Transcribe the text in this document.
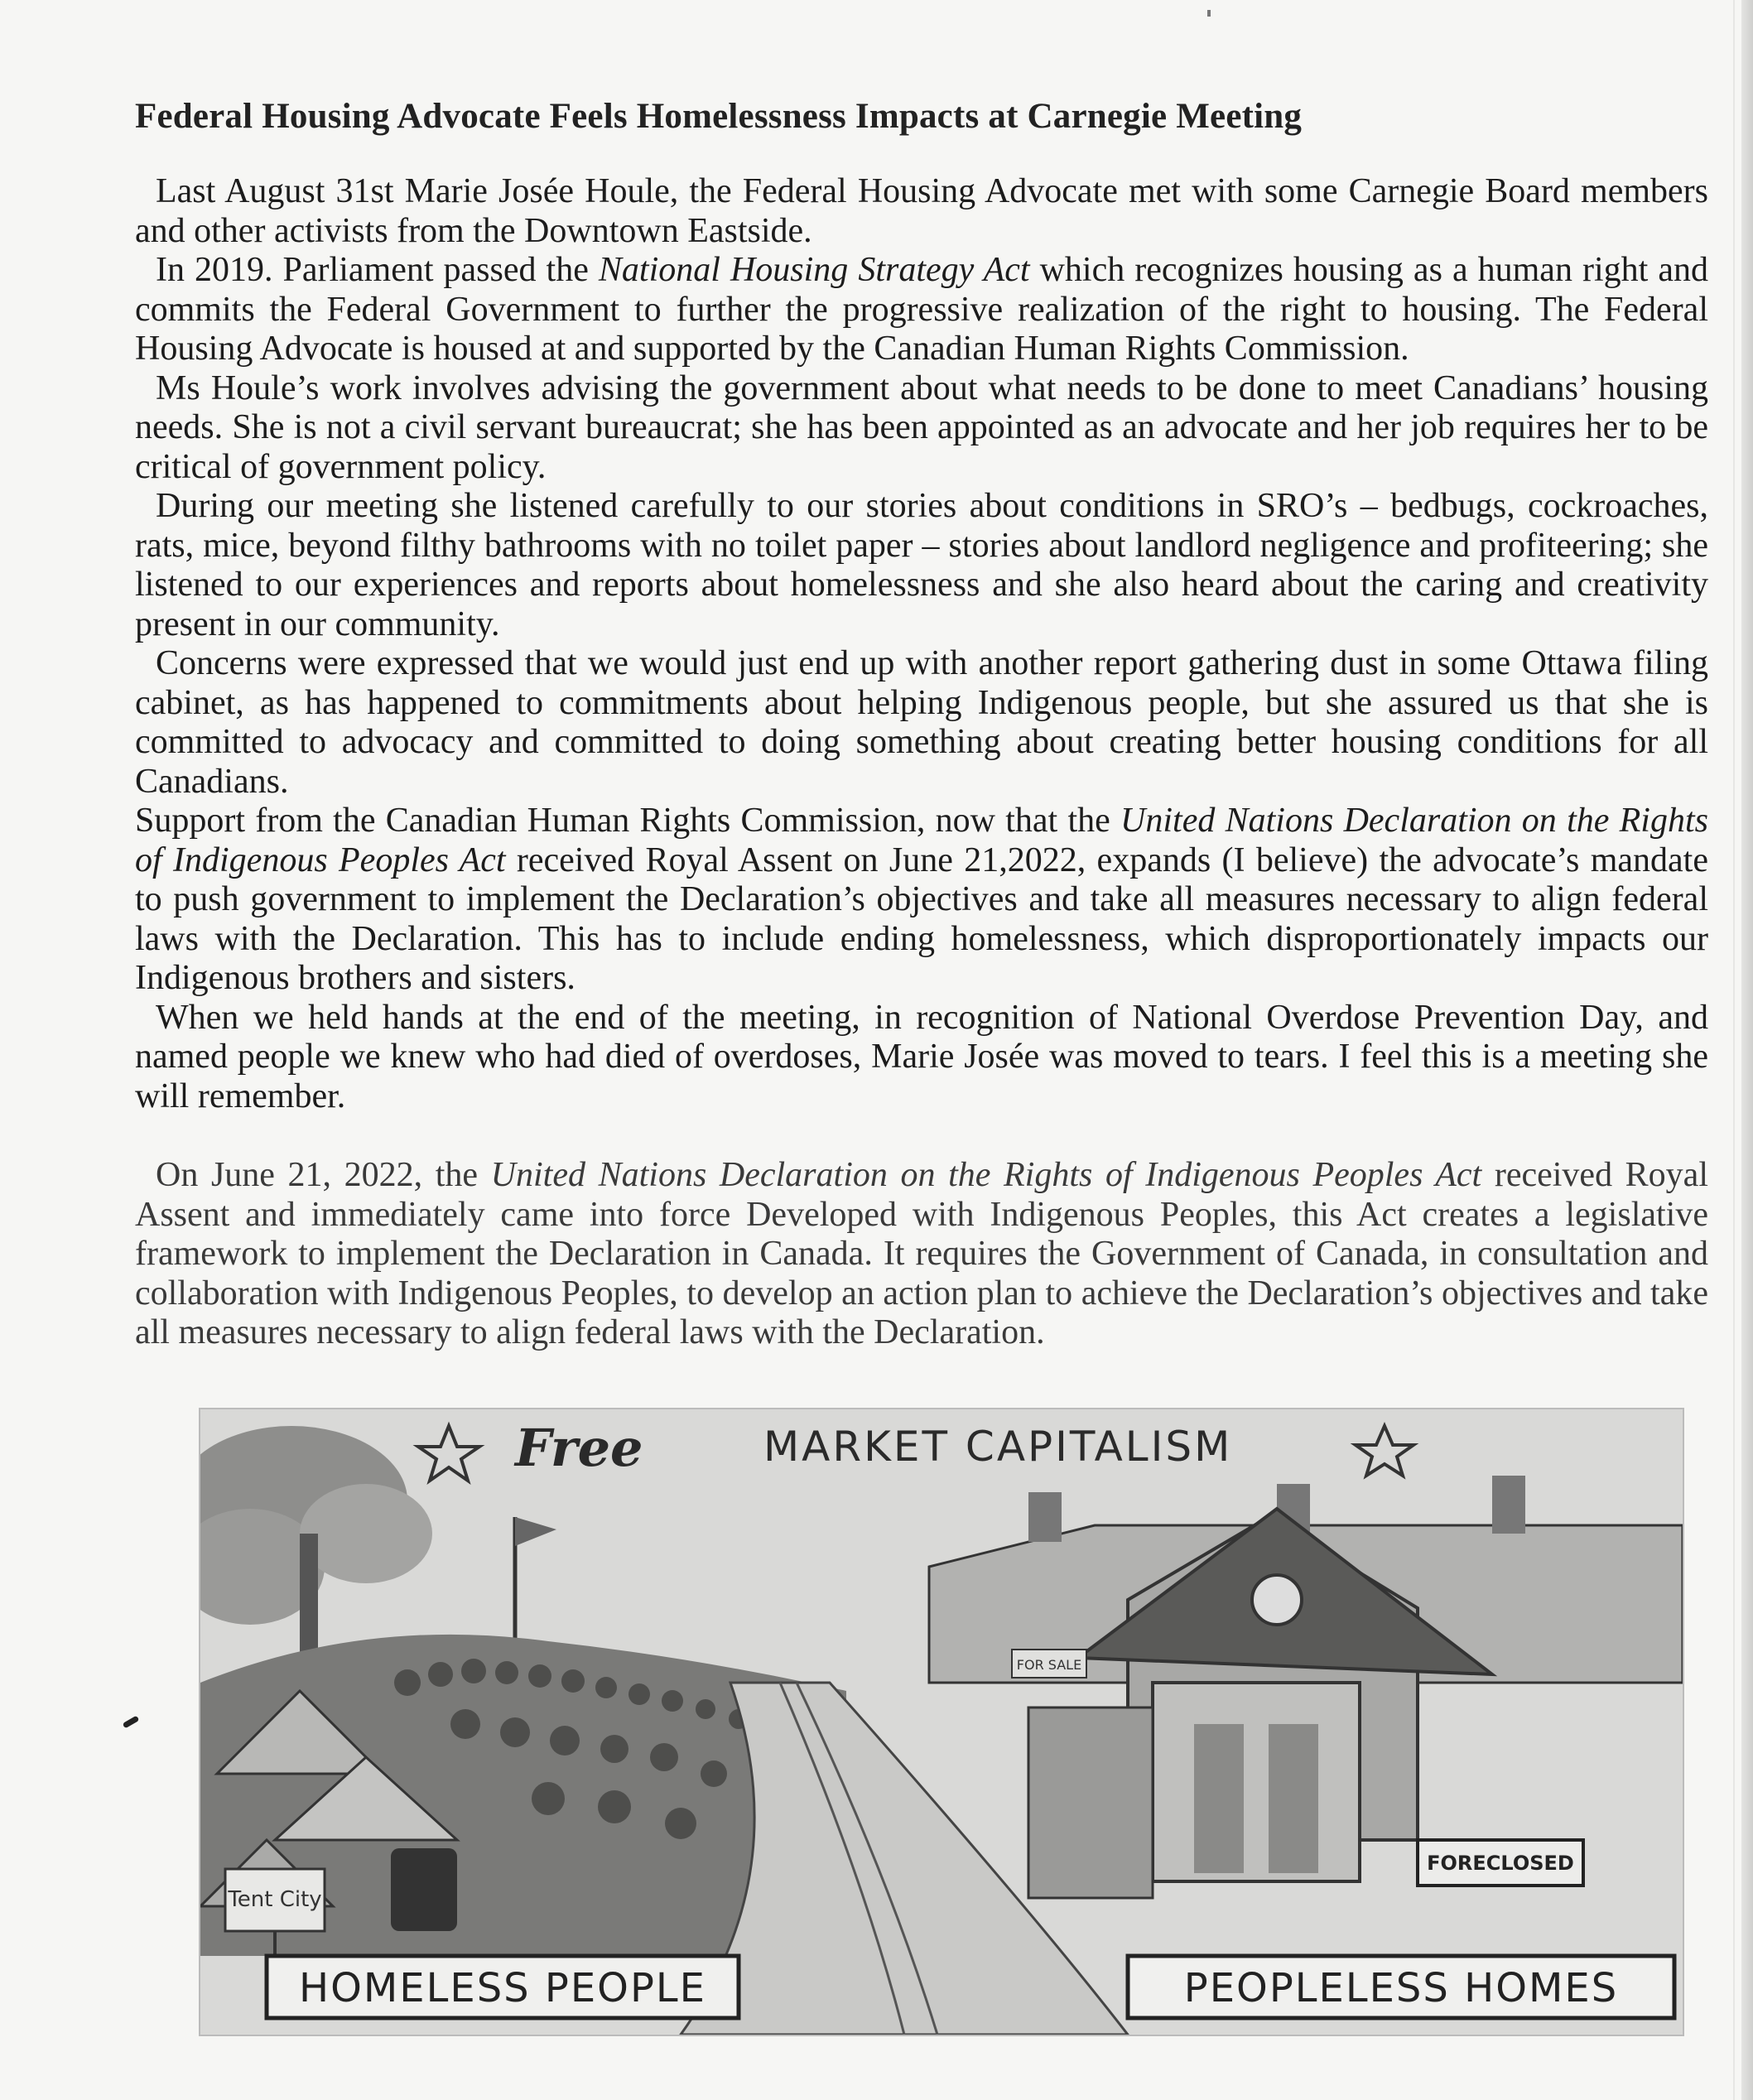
Federal Housing Advocate Feels Homelessness Impacts at Carnegie Meeting

Last August 31st Marie Josée Houle, the Federal Housing Advocate met with some Carnegie Board members and other activists from the Downtown Eastside.

In 2019. Parliament passed the National Housing Strategy Act which recognizes housing as a human right and commits the Federal Government to further the progressive realization of the right to housing. The Federal Housing Advocate is housed at and supported by the Canadian Human Rights Commission.

Ms Houle’s work involves advising the government about what needs to be done to meet Canadians’ housing needs. She is not a civil servant bureaucrat; she has been appointed as an advocate and her job requires her to be critical of government policy.

During our meeting she listened carefully to our stories about conditions in SRO’s – bedbugs, cockroaches, rats, mice, beyond filthy bathrooms with no toilet paper – stories about landlord negligence and profiteering; she listened to our experiences and reports about homelessness and she also heard about the caring and creativity present in our community.

Concerns were expressed that we would just end up with another report gathering dust in some Ottawa filing cabinet, as has happened to commitments about helping Indigenous people, but she assured us that she is committed to advocacy and committed to doing something about creating better housing conditions for all Canadians.

Support from the Canadian Human Rights Commission, now that the United Nations Declaration on the Rights of Indigenous Peoples Act received Royal Assent on June 21,2022, expands (I believe) the advocate’s mandate to push government to implement the Declaration’s objectives and take all measures necessary to align federal laws with the Declaration. This has to include ending homelessness, which disproportionately impacts our Indigenous brothers and sisters.

When we held hands at the end of the meeting, in recognition of National Overdose Prevention Day, and named people we knew who had died of overdoses, Marie Josée was moved to tears. I feel this is a meeting she will remember.

On June 21, 2022, the United Nations Declaration on the Rights of Indigenous Peoples Act received Royal Assent and immediately came into force Developed with Indigenous Peoples, this Act creates a legislative framework to implement the Declaration in Canada. It requires the Government of Canada, in consultation and collaboration with Indigenous Peoples, to develop an action plan to achieve the Declaration’s objectives and take all measures necessary to align federal laws with the Declaration.

Free	MARKET CAPITALISM
Tent City
FOR SALE
FORECLOSED
HOMELESS PEOPLE	PEOPLELESS HOMES
